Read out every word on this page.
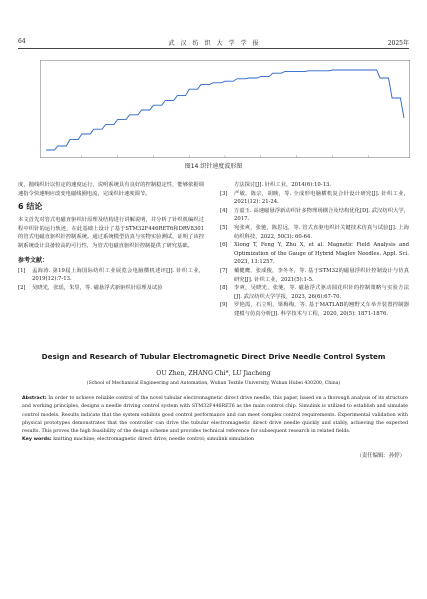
64	武　汉　纺　织　大　学　学　报	2025年
图14 织针速度波形图

度，抛线织针以恒定的速度运行，说明系统具有良好的控制稳定性，能够依据调速指令快速响应改变电磁线圈电流，完成织针速度调节。

6 结论

本文首先对管式电磁直驱织针原理及结构进行讲解说明，并分析了针织机编织过程中织针的运行轨迹，在此基础上设计了基于STM32F446RET6和DRV8301的管式电磁直驱织针控制系统。通过系统模型仿真与实物实验测试，证明了该控制系统设计具备较高的可行性，为管式电磁直驱织针控制提供了研究基础。

参考文献：
[1]	孟海涛. 第19届上海国际纺织工业展览会电脑横机述评[J]. 针织工业，2019(12):7-13.
[2]	吴晓光，张瑶，朱里，等. 磁悬浮式新驱织针原理及试验
方法探讨[J]. 针织工业，2014(6):10-13.
[3]	严敏，陈宗，胡映，等. 全成形电脑横机复合针设计研究[J]. 针织工业，2021(12): 21-24.
[4]	万嘉玉. 高速磁悬浮新动织针多物理场耦合及结构优化[D]. 武汉纺织大学，2017.
[5]	宛张爽，张驰，陈思远，等. 管式直驱电织针关键技术仿真与试验[J]. 上海纺织科技，2022, 50(3): 60-64.
[6]	Xiong T, Feng Y, Zhu X, et al. Magnetic Field Analysis and Optimization of the Gauge of Hybrid Maglev Needles. Appl. Sci. 2023, 13:1257.
[7]	戴健鹰，张成俊，李冬冬，等. 基于STM32的磁悬浮织针控制设计与仿真研究[J]. 针织工业，2021(5):1-5.
[8]	李爽，吴晓光，张驰，等. 磁悬浮式驱动圆花织针的控制策略与实验方法[J]. 武汉纺织大学学报，2023, 26(6):67-70.
[9]	罗艳霞，石立明，梁梅梅，等. 基于MATLAB的翘野又车举升装置控制器建模与仿真分析[J]. 科学技术与工程，2020, 20(5): 1871-1876.
Design and Research of Tubular Electromagnetic Direct Drive Needle Control System
OU Zhen, ZHANG Chi*, LU Jiacheng
(School of Mechanical Engineering and Automation, Wuhan Textile University, Wuhan Hubei 430200, China)

Abstract: In order to achieve reliable control of the novel tubular electromagnetic direct drive needle, this paper, based on a thorough analysis of its structure and working principles, designs a needle driving control system with STM32F446RET6 as the main control chip. Simulink is utilized to establish and simulate control models. Results indicate that the system exhibits good control performance and can meet complex control requirements. Experimental validation with physical prototypes demonstrates that the controller can drive the tubular electromagnetic direct drive needle quickly and stably, achieving the expected results. This proves the high feasibility of the design scheme and provides technical reference for subsequent research in related fields.

Key words: knitting machine; electromagnetic direct drive; needle control; simulink simulation

（责任编辑：孙婷）
